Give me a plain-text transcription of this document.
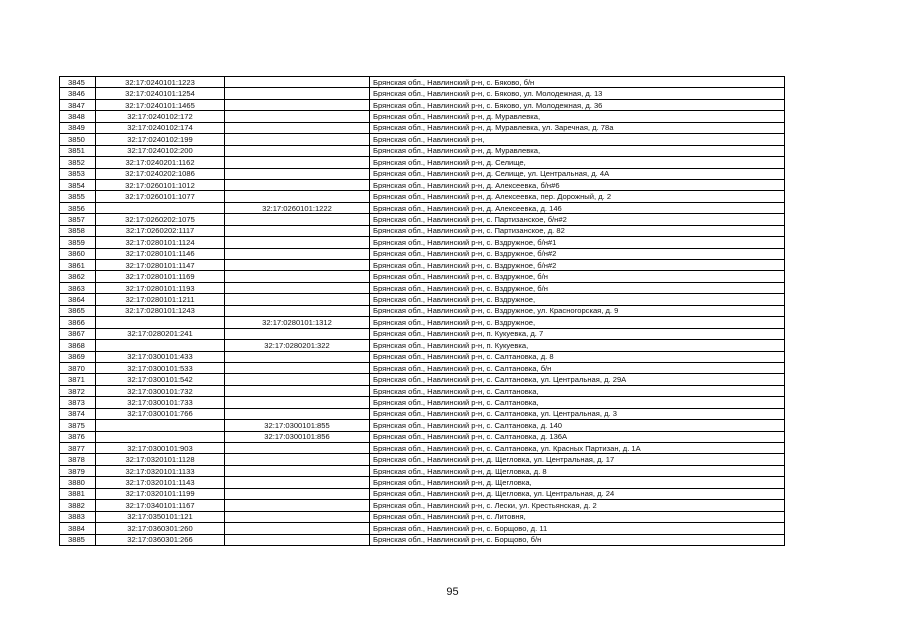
3845	32:17:0240101:1223		Брянская обл., Навлинский р-н, с. Бяково, б/н
3846	32:17:0240101:1254		Брянская обл., Навлинский р-н, с. Бяково, ул. Молодежная, д. 13
3847	32:17:0240101:1465		Брянская обл., Навлинский р-н, с. Бяково, ул. Молодежная, д. 36
3848	32:17:0240102:172		Брянская обл., Навлинский р-н, д. Муравлевка,
3849	32:17:0240102:174		Брянская обл., Навлинский р-н, д. Муравлевка, ул. Заречная, д. 78а
3850	32:17:0240102:199		Брянская обл., Навлинский р-н,
3851	32:17:0240102:200		Брянская обл., Навлинский р-н, д. Муравлевка,
3852	32:17:0240201:1162		Брянская обл., Навлинский р-н, д. Селище,
3853	32:17:0240202:1086		Брянская обл., Навлинский р-н, д. Селище, ул. Центральная, д. 4А
3854	32:17:0260101:1012		Брянская обл., Навлинский р-н, д. Алексеевка, б/н#6
3855	32:17:0260101:1077		Брянская обл., Навлинский р-н, д. Алексеевка, пер. Дорожный, д. 2
3856		32:17:0260101:1222	Брянская обл., Навлинский р-н, д. Алексеевка, д. 146
3857	32:17:0260202:1075		Брянская обл., Навлинский р-н, с. Партизанское, б/н#2
3858	32:17:0260202:1117		Брянская обл., Навлинский р-н, с. Партизанское, д. 82
3859	32:17:0280101:1124		Брянская обл., Навлинский р-н, с. Вздружное, б/н#1
3860	32:17:0280101:1146		Брянская обл., Навлинский р-н, с. Вздружное, б/н#2
3861	32:17:0280101:1147		Брянская обл., Навлинский р-н, с. Вздружное, б/н#2
3862	32:17:0280101:1169		Брянская обл., Навлинский р-н, с. Вздружное, б/н
3863	32:17:0280101:1193		Брянская обл., Навлинский р-н, с. Вздружное, б/н
3864	32:17:0280101:1211		Брянская обл., Навлинский р-н, с. Вздружное,
3865	32:17:0280101:1243		Брянская обл., Навлинский р-н, с. Вздружное, ул. Красногорская, д. 9
3866		32:17:0280101:1312	Брянская обл., Навлинский р-н, с. Вздружное,
3867	32:17:0280201:241		Брянская обл., Навлинский р-н, п. Кукуевка, д. 7
3868		32:17:0280201:322	Брянская обл., Навлинский р-н, п. Кукуевка,
3869	32:17:0300101:433		Брянская обл., Навлинский р-н, с. Салтановка, д. 8
3870	32:17:0300101:533		Брянская обл., Навлинский р-н, с. Салтановка, б/н
3871	32:17:0300101:542		Брянская обл., Навлинский р-н, с. Салтановка, ул. Центральная, д. 29А
3872	32:17:0300101:732		Брянская обл., Навлинский р-н, с. Салтановка,
3873	32:17:0300101:733		Брянская обл., Навлинский р-н, с. Салтановка,
3874	32:17:0300101:766		Брянская обл., Навлинский р-н, с. Салтановка, ул. Центральная, д. 3
3875		32:17:0300101:855	Брянская обл., Навлинский р-н, с. Салтановка, д. 140
3876		32:17:0300101:856	Брянская обл., Навлинский р-н, с. Салтановка, д. 136А
3877	32:17:0300101:903		Брянская обл., Навлинский р-н, с. Салтановка, ул. Красных Партизан, д. 1А
3878	32:17:0320101:1128		Брянская обл., Навлинский р-н, д. Щегловка, ул. Центральная, д. 17
3879	32:17:0320101:1133		Брянская обл., Навлинский р-н, д. Щегловка, д. 8
3880	32:17:0320101:1143		Брянская обл., Навлинский р-н, д. Щегловка,
3881	32:17:0320101:1199		Брянская обл., Навлинский р-н, д. Щегловка, ул. Центральная, д. 24
3882	32:17:0340101:1167		Брянская обл., Навлинский р-н, с. Лески, ул. Крестьянская, д. 2
3883	32:17:0350101:121		Брянская обл., Навлинский р-н, с. Литовня,
3884	32:17:0360301:260		Брянская обл., Навлинский р-н, с. Борщово, д. 11
3885	32:17:0360301:266		Брянская обл., Навлинский р-н, с. Борщово, б/н
95
